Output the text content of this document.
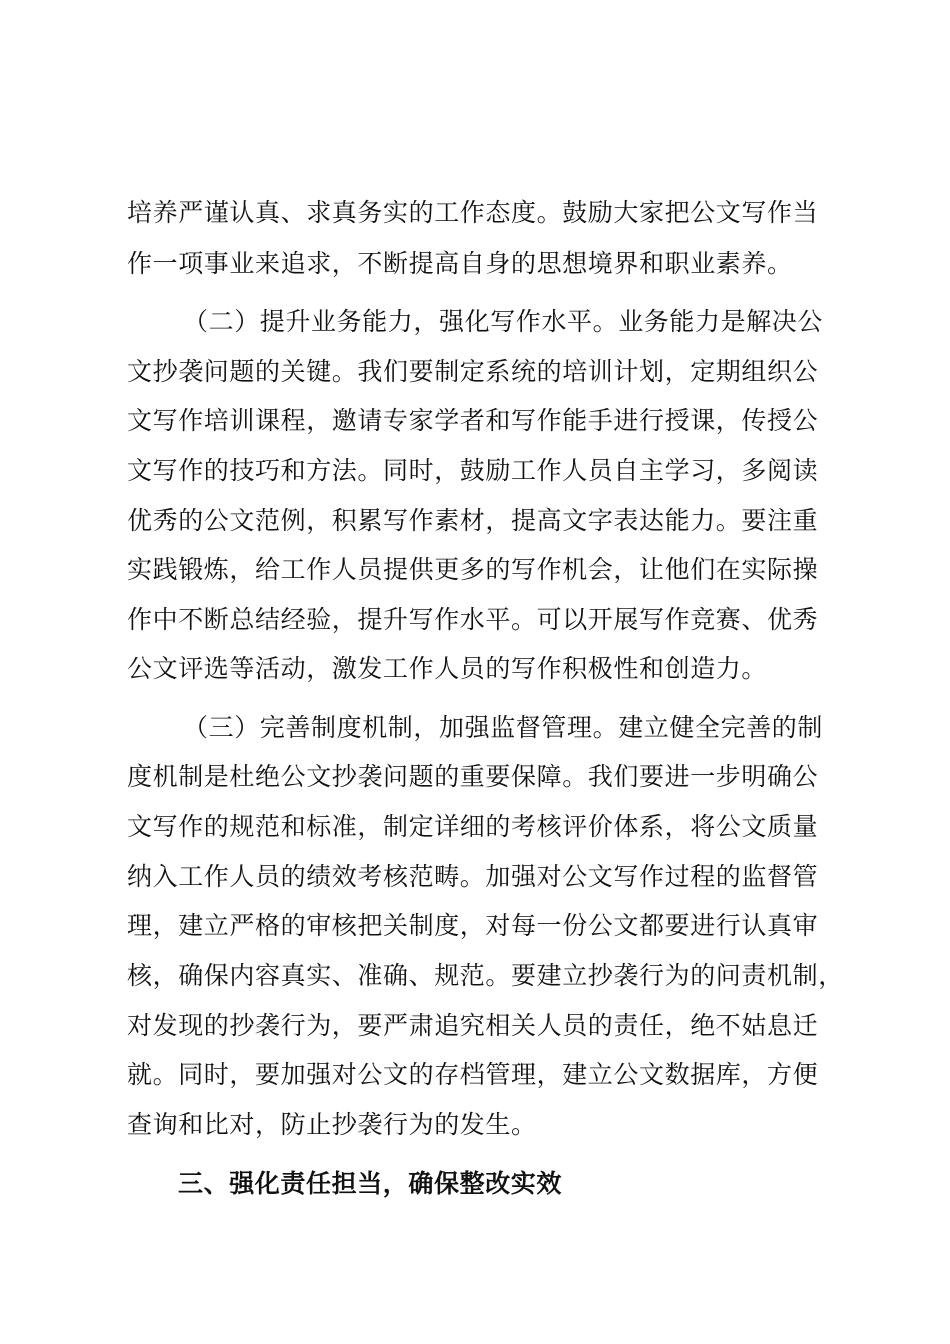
培养严谨认真、求真务实的工作态度。鼓励大家把公文写作当
作一项事业来追求，不断提高自身的思想境界和职业素养。
（二）提升业务能力，强化写作水平。业务能力是解决公
文抄袭问题的关键。我们要制定系统的培训计划，定期组织公
文写作培训课程，邀请专家学者和写作能手进行授课，传授公
文写作的技巧和方法。同时，鼓励工作人员自主学习，多阅读
优秀的公文范例，积累写作素材，提高文字表达能力。要注重
实践锻炼，给工作人员提供更多的写作机会，让他们在实际操
作中不断总结经验，提升写作水平。可以开展写作竞赛、优秀
公文评选等活动，激发工作人员的写作积极性和创造力。
（三）完善制度机制，加强监督管理。建立健全完善的制
度机制是杜绝公文抄袭问题的重要保障。我们要进一步明确公
文写作的规范和标准，制定详细的考核评价体系，将公文质量
纳入工作人员的绩效考核范畴。加强对公文写作过程的监督管
理，建立严格的审核把关制度，对每一份公文都要进行认真审
核，确保内容真实、准确、规范。要建立抄袭行为的问责机制，
对发现的抄袭行为，要严肃追究相关人员的责任，绝不姑息迁
就。同时，要加强对公文的存档管理，建立公文数据库，方便
查询和比对，防止抄袭行为的发生。
三、强化责任担当，确保整改实效
